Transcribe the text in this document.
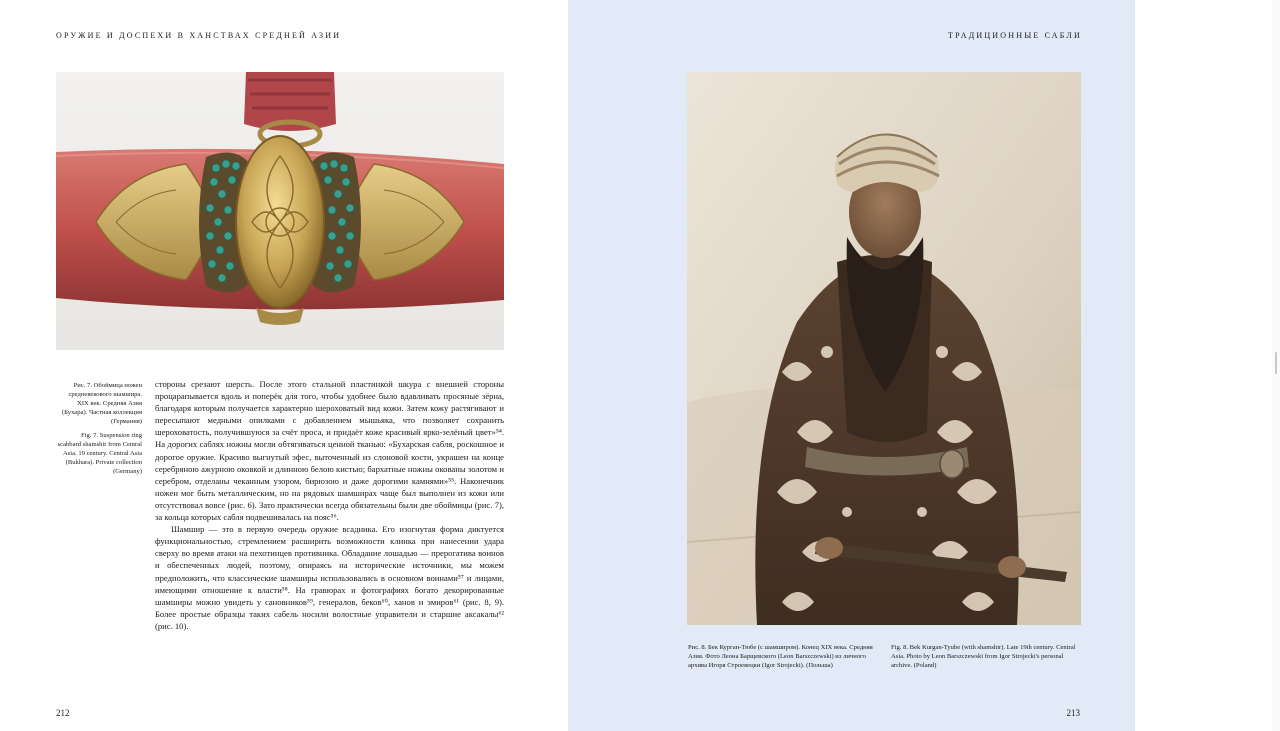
ОРУЖИЕ И ДОСПЕХИ В ХАНСТВАХ СРЕДНЕЙ АЗИИ

Рис. 7. Обоймица ножен средневекового шамшира. XIX век. Средняя Азия (Бухара). Частная коллекция (Германия)

Fig. 7. Suspension ring scabbard shamshir from Central Asia. 19 century. Central Asia (Bukhara). Private collection (Germany)

стороны срезают шерсть. После этого стальной пластинкой шкура с внешней стороны процарапывается вдоль и поперёк для того, чтобы удобнее было вдавливать просяные зёрна, благодаря которым получается характерно шероховатый вид кожи. Затем кожу растягивают и пересыпают медными опилками с добавлением мышьяка, что позволяет сохранить шероховатость, получившуюся за счёт проса, и придаёт коже красивый ярко-зелёный цвет»⁵⁴. На дорогих саблях ножны могли обтягиваться ценной тканью: «Бухарская сабля, роскошное и дорогое оружие. Красиво выгнутый эфес, выточенный из слоновой кости, украшен на конце серебряною ажурною оковкой и длинною белою кистью; бархатные ножны окованы золотом и серебром, отделаны чеканным узором, бирюзою и даже дорогими камнями»⁵⁵. Наконечник ножен мог быть металлическим, но на рядовых шамширах чаще был выполнен из кожи или отсутствовал вовсе (рис. 6). Зато практически всегда обязательны были две обоймицы (рис. 7), за кольца которых сабля подвешивалась на пояс⁵⁶.

Шамшир — это в первую очередь оружие всадника. Его изогнутая форма диктуется функциональностью, стремлением расширить возможности клинка при нанесении удара сверху во время атаки на пехотинцев противника. Обладание лошадью — прерогатива воинов и обеспеченных людей, поэтому, опираясь на исторические источники, мы можем предположить, что классические шамширы использовались в основном воинами⁵⁷ и лицами, имеющими отношение к власти⁵⁸. На гравюрах и фотографиях богато декорированные шамширы можно увидеть у сановников⁵⁹, генералов, беков⁶⁰, ханов и эмиров⁶¹ (рис. 8, 9). Более простые образцы таких сабель носили волостные управители и старшие аксакалы⁶² (рис. 10).

212
ТРАДИЦИОННЫЕ САБЛИ
Рис. 8. Бек Курган-Тюбе (с шамширом). Конец XIX века. Средняя Азия. Фото Леона Барщевского (Leon Barszczewski) из личного архива Игоря Строевецки (Igor Strojecki). (Польша)
Fig. 8. Bek Kurgan-Tyube (with shamshir). Late 19th century. Central Asia. Photo by Leon Barszczewski from Igor Strojecki's personal archive. (Poland)
213
